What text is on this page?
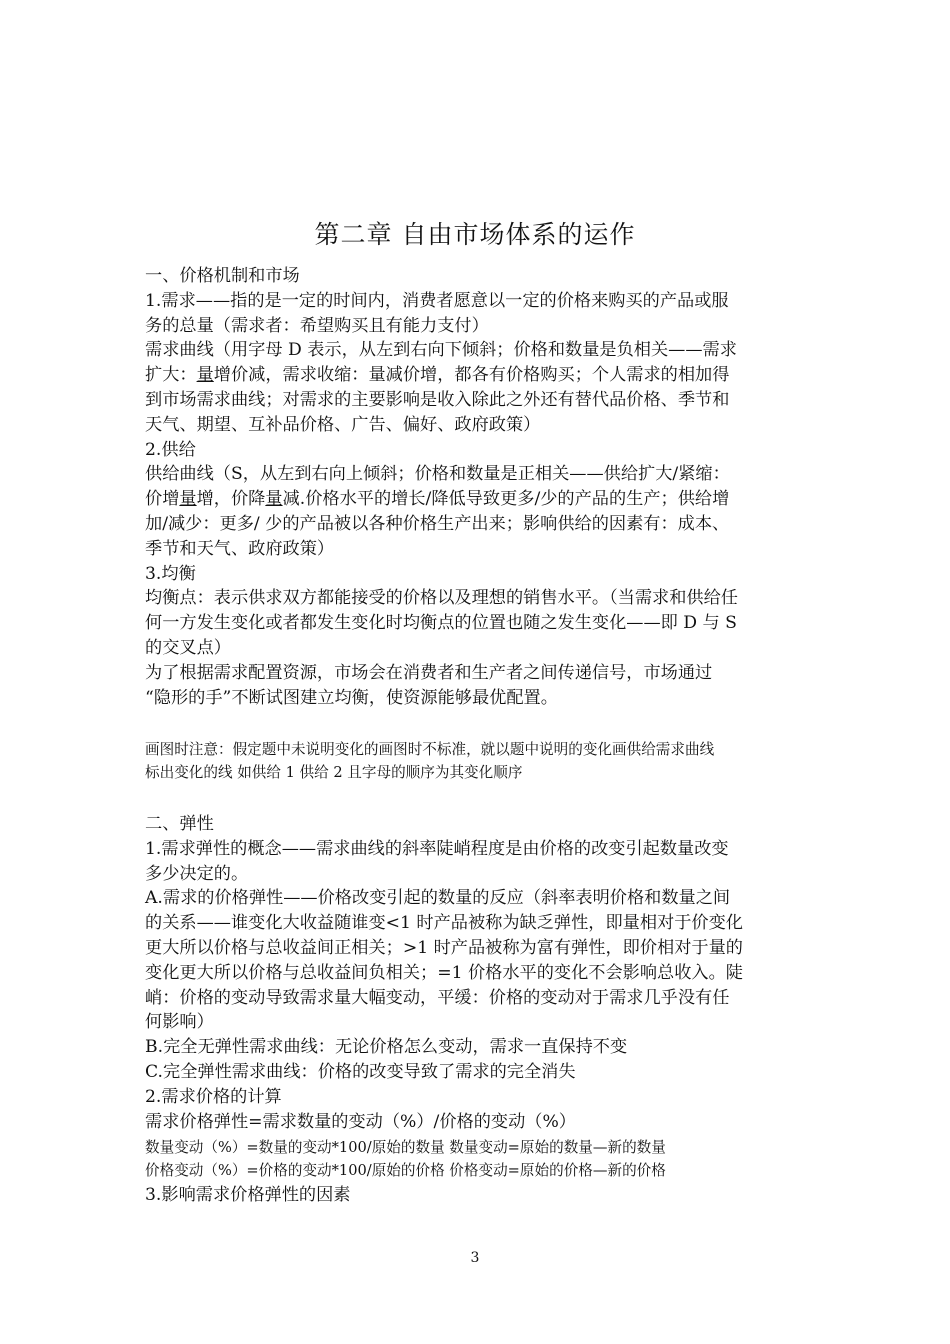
第二章 自由市场体系的运作

一、价格机制和市场

1.需求——指的是一定的时间内，消费者愿意以一定的价格来购买的产品或服

务的总量（需求者：希望购买且有能力支付）

需求曲线（用字母 D 表示，从左到右向下倾斜；价格和数量是负相关——需求

扩大：量增价减，需求收缩：量减价增，都各有价格购买；个人需求的相加得

到市场需求曲线；对需求的主要影响是收入除此之外还有替代品价格、季节和

天气、期望、互补品价格、广告、偏好、政府政策）

2.供给

供给曲线（S，从左到右向上倾斜；价格和数量是正相关——供给扩大/紧缩：

价增量增，价降量减.价格水平的增长/降低导致更多/少的产品的生产；供给增

加/减少：更多/ 少的产品被以各种价格生产出来；影响供给的因素有：成本、

季节和天气、政府政策）

3.均衡

均衡点：表示供求双方都能接受的价格以及理想的销售水平。（当需求和供给任

何一方发生变化或者都发生变化时均衡点的位置也随之发生变化——即 D 与 S

的交叉点）

为了根据需求配置资源，市场会在消费者和生产者之间传递信号，市场通过

“隐形的手”不断试图建立均衡，使资源能够最优配置。

画图时注意：假定题中未说明变化的画图时不标准，就以题中说明的变化画供给需求曲线

标出变化的线 如供给 1 供给 2 且字母的顺序为其变化顺序

二、弹性

1.需求弹性的概念——需求曲线的斜率陡峭程度是由价格的改变引起数量改变

多少决定的。

A.需求的价格弹性——价格改变引起的数量的反应（斜率表明价格和数量之间

的关系——谁变化大收益随谁变<1 时产品被称为缺乏弹性，即量相对于价变化

更大所以价格与总收益间正相关；>1 时产品被称为富有弹性，即价相对于量的

变化更大所以价格与总收益间负相关；=1 价格水平的变化不会影响总收入。陡

峭：价格的变动导致需求量大幅变动，平缓：价格的变动对于需求几乎没有任

何影响）

B.完全无弹性需求曲线：无论价格怎么变动，需求一直保持不变

C.完全弹性需求曲线：价格的改变导致了需求的完全消失

2.需求价格的计算

需求价格弹性=需求数量的变动（%）/价格的变动（%）

数量变动（%）=数量的变动*100/原始的数量 数量变动=原始的数量—新的数量

价格变动（%）=价格的变动*100/原始的价格 价格变动=原始的价格—新的价格

3.影响需求价格弹性的因素

3
